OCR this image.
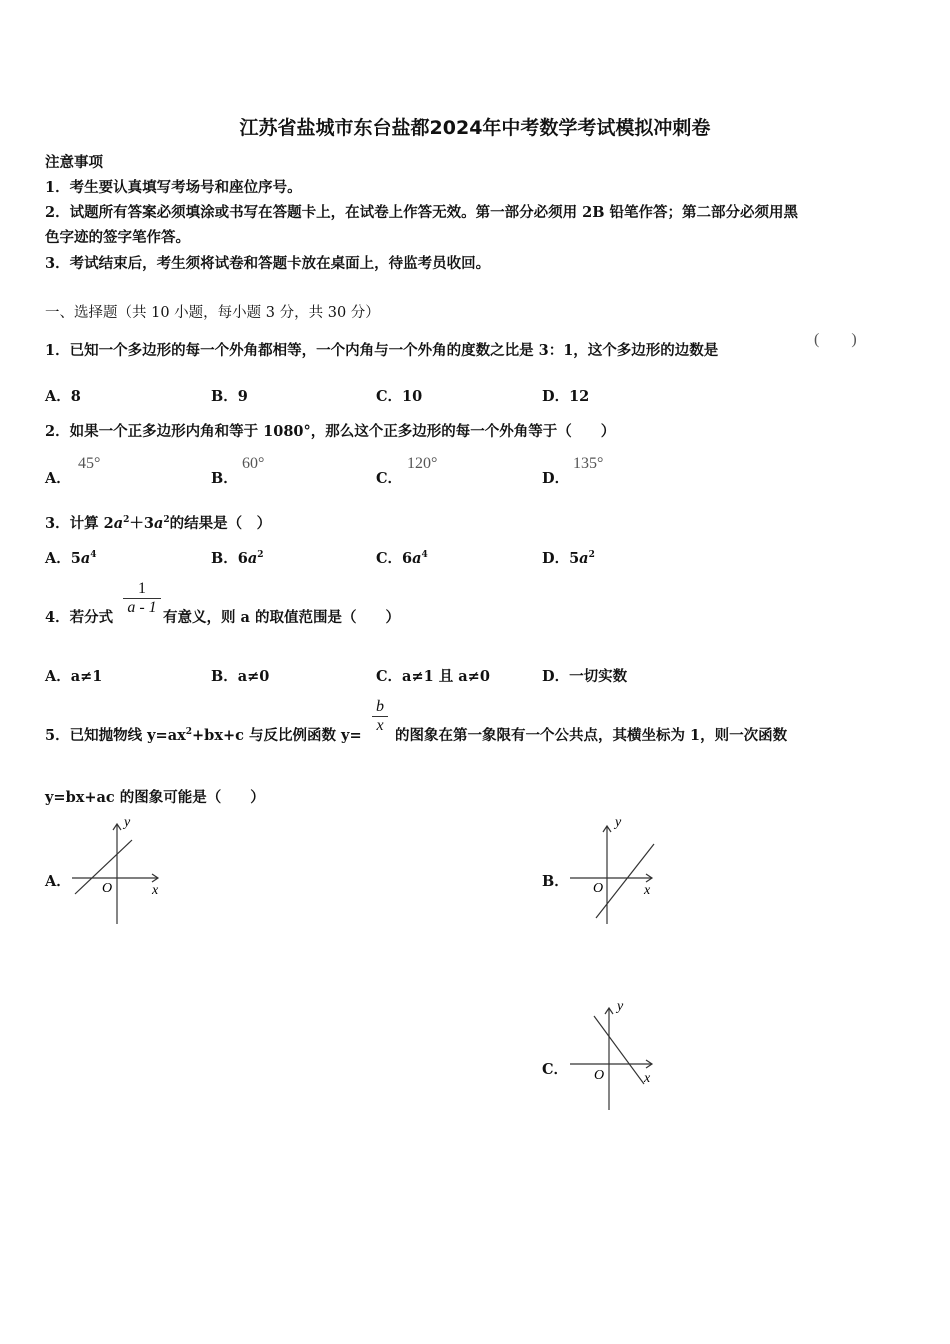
江苏省盐城市东台盐都2024年中考数学考试模拟冲刺卷
注意事项
1．考生要认真填写考场号和座位序号。
2．试题所有答案必须填涂或书写在答题卡上，在试卷上作答无效。第一部分必须用 2B 铅笔作答；第二部分必须用黑
色字迹的签字笔作答。
3．考试结束后，考生须将试卷和答题卡放在桌面上，待监考员收回。
一、选择题（共 10 小题，每小题 3 分，共 30 分）
1．已知一个多边形的每一个外角都相等，一个内角与一个外角的度数之比是 3：1，这个多边形的边数是
(　　)
A．8	B．9	C．10	D．12
2．如果一个正多边形内角和等于 1080°，那么这个正多边形的每一个外角等于（　　）
A．
45°
B．
60°
C．
120°
D．
135°
3．计算 $2a^2+3a^2$的结果是（　）
A．$5a^4$	B．$6a^2$	C．$6a^4$	D．$5a^2$
4．若分式
$\frac{1}{a - 1}$
有意义，则 a 的取值范围是（　　）
A．a≠1	B．a≠0	C．a≠1 且 a≠0	D．一切实数
5．已知抛物线 $y=ax^2+bx+c$ 与反比例函数 y=
$\frac{b}{x}$
的图象在第一象限有一个公共点，其横坐标为 1，则一次函数
y=bx+ac 的图象可能是（　　）
A． O	x
y
B． O	x
y
C． O	x
y
